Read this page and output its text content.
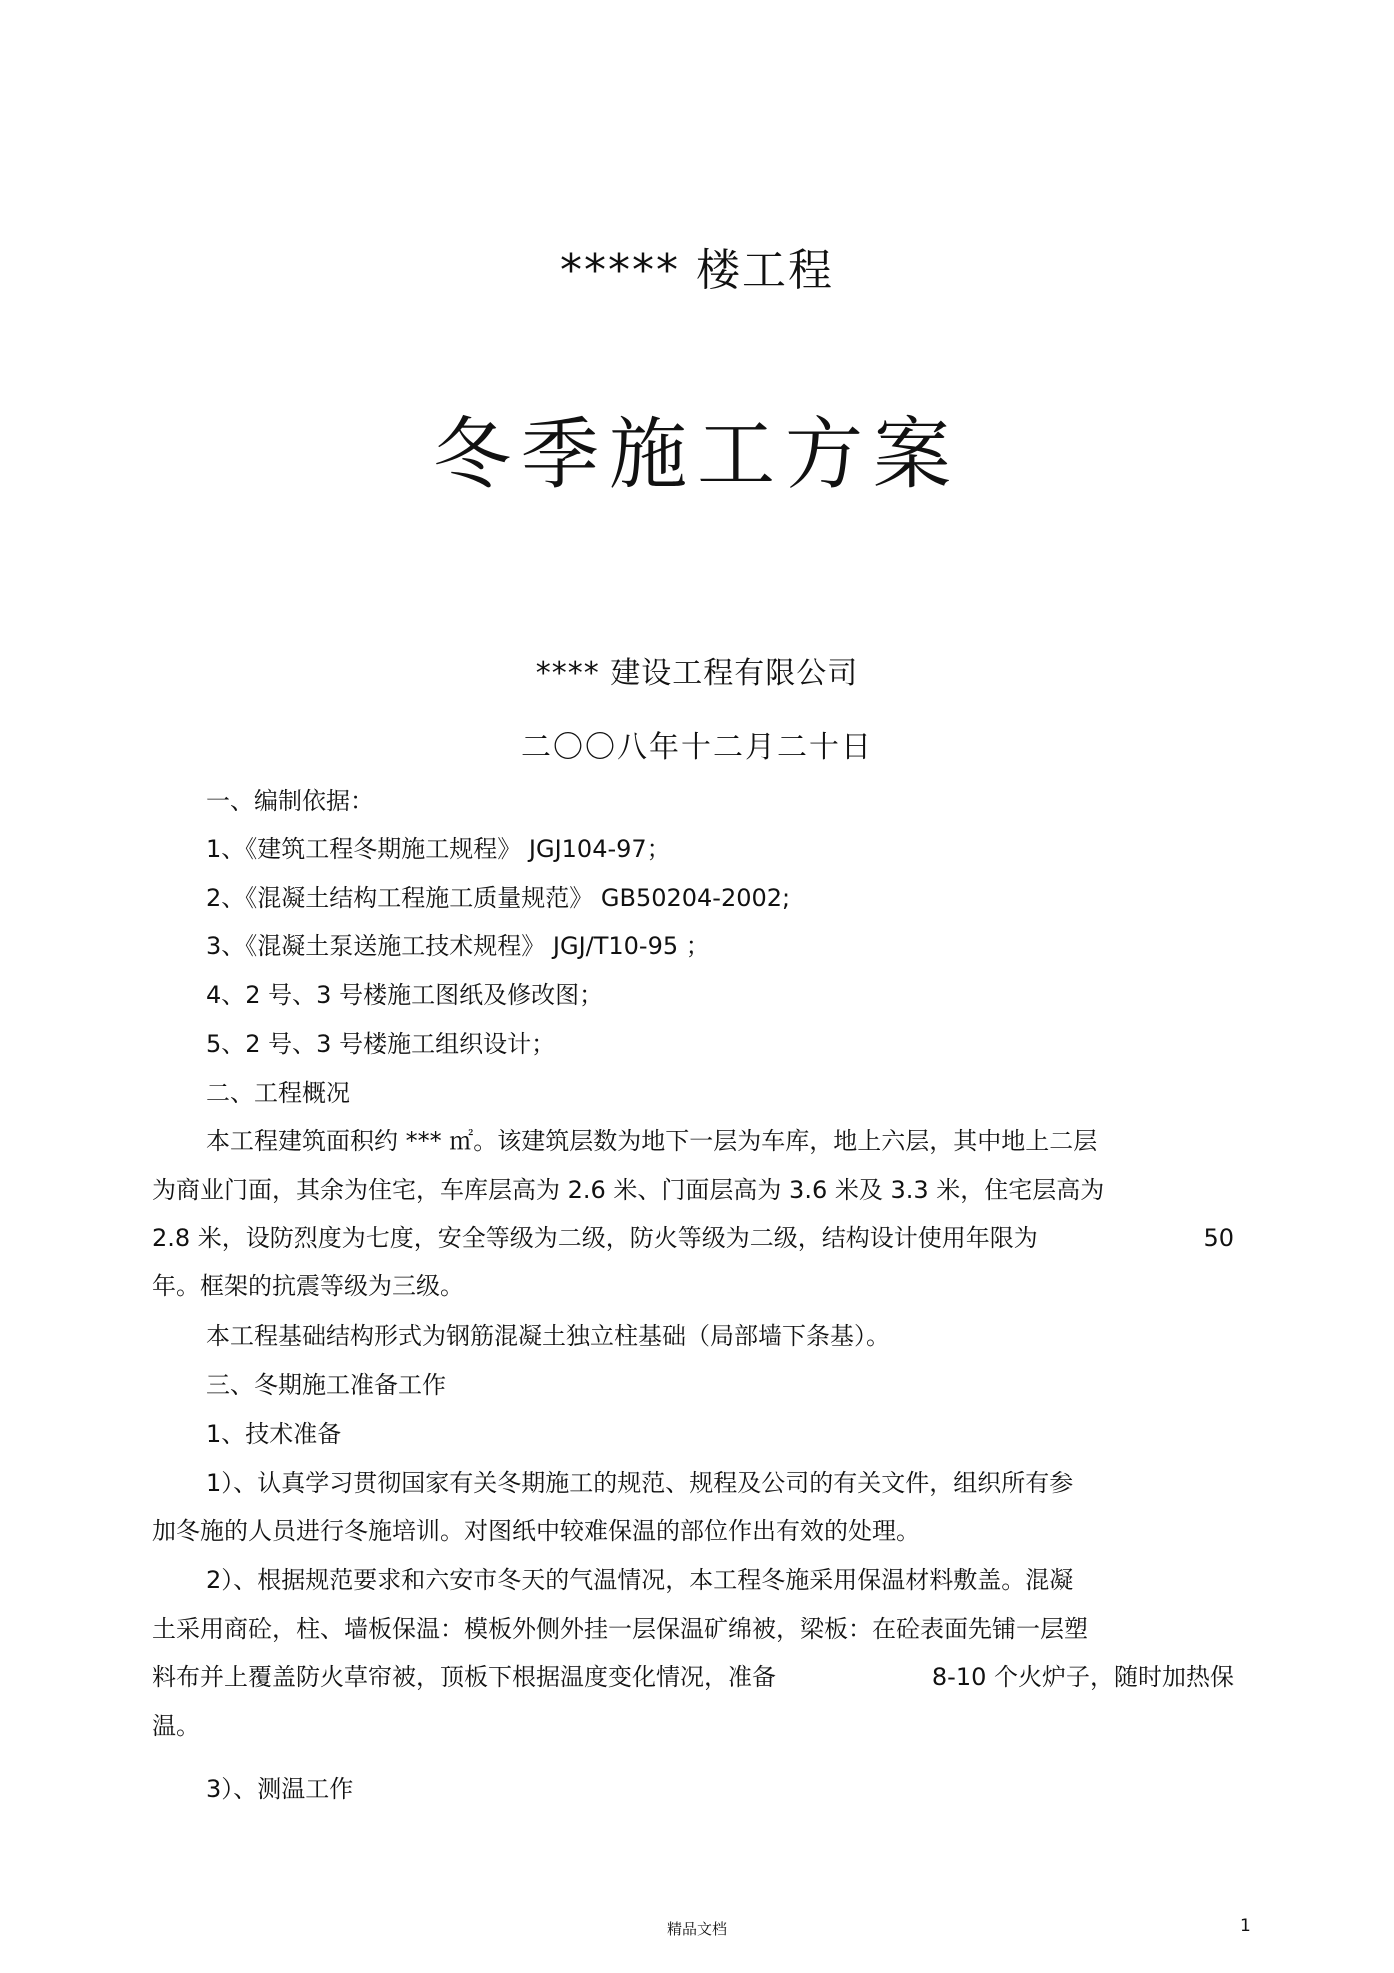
***** 楼工程
冬季施工方案
**** 建设工程有限公司
二〇〇八年十二月二十日
一、编制依据：
1、《建筑工程冬期施工规程》 JGJ104-97；
2、《混凝土结构工程施工质量规范》 GB50204-2002;
3、《混凝土泵送施工技术规程》 JGJ/T10-95 ；
4、2 号、3 号楼施工图纸及修改图；
5、2 号、3 号楼施工组织设计；
二、工程概况
本工程建筑面积约 *** ㎡。该建筑层数为地下一层为车库，地上六层，其中地上二层
为商业门面，其余为住宅，车库层高为 2.6 米、门面层高为 3.6 米及 3.3 米，住宅层高为
2.8 米，设防烈度为七度，安全等级为二级，防火等级为二级，结构设计使用年限为	50
年。框架的抗震等级为三级。
本工程基础结构形式为钢筋混凝土独立柱基础（局部墙下条基）。
三、冬期施工准备工作
1、技术准备
1）、认真学习贯彻国家有关冬期施工的规范、规程及公司的有关文件，组织所有参
加冬施的人员进行冬施培训。对图纸中较难保温的部位作出有效的处理。
2）、根据规范要求和六安市冬天的气温情况，本工程冬施采用保温材料敷盖。混凝
土采用商砼，柱、墙板保温：模板外侧外挂一层保温矿绵被，梁板：在砼表面先铺一层塑
料布并上覆盖防火草帘被，顶板下根据温度变化情况，准备	8-10 个火炉子，随时加热保
温。
3）、测温工作
精品文档	1
